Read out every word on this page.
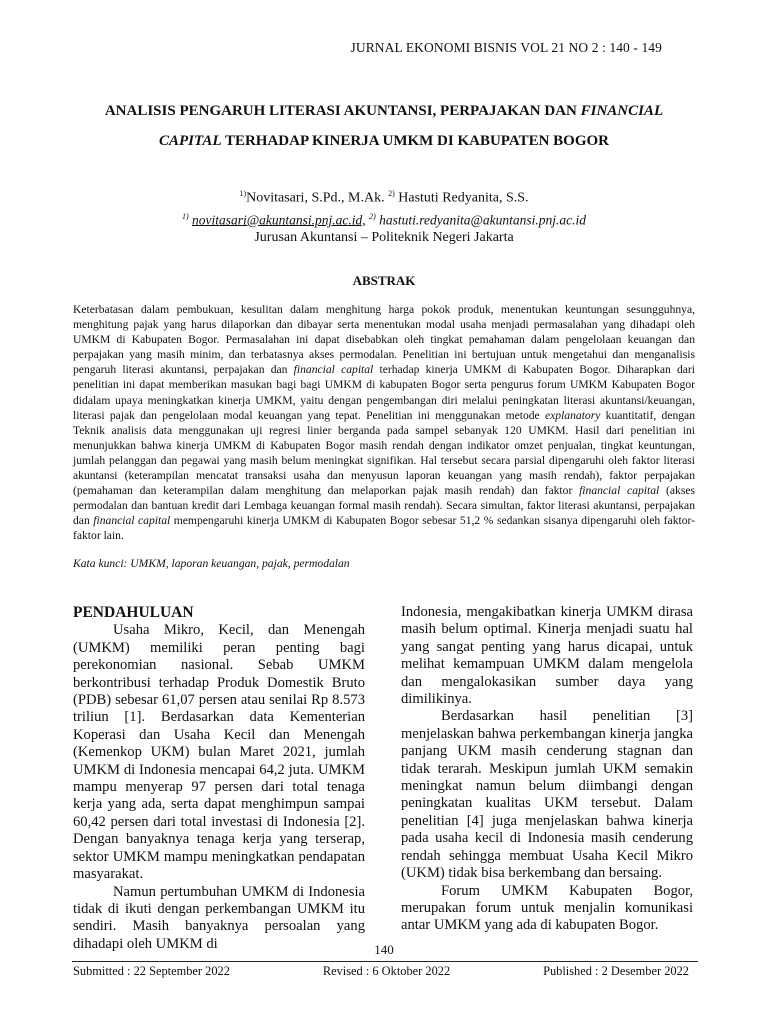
JURNAL EKONOMI BISNIS VOL 21 NO 2 : 140 - 149
ANALISIS PENGARUH LITERASI AKUNTANSI, PERPAJAKAN DAN FINANCIAL
CAPITAL TERHADAP KINERJA UMKM DI KABUPATEN BOGOR
$^{1)}$Novitasari, S.Pd., M.Ak. $^{2)}$ Hastuti Redyanita, S.S.
$^{1)}$ novitasari@akuntansi.pnj.ac.id, $^{2)}$ hastuti.redyanita@akuntansi.pnj.ac.id
Jurusan Akuntansi – Politeknik Negeri Jakarta
ABSTRAK
Keterbatasan dalam pembukuan, kesulitan dalam menghitung harga pokok produk, menentukan keuntungan sesungguhnya, menghitung pajak yang harus dilaporkan dan dibayar serta menentukan modal usaha menjadi permasalahan yang dihadapi oleh UMKM di Kabupaten Bogor. Permasalahan ini dapat disebabkan oleh tingkat pemahaman dalam pengelolaan keuangan dan perpajakan yang masih minim, dan terbatasnya akses permodalan. Penelitian ini bertujuan untuk mengetahui dan menganalisis pengaruh literasi akuntansi, perpajakan dan financial capital terhadap kinerja UMKM di Kabupaten Bogor. Diharapkan dari penelitian ini dapat memberikan masukan bagi bagi UMKM di kabupaten Bogor serta pengurus forum UMKM Kabupaten Bogor didalam upaya meningkatkan kinerja UMKM, yaitu dengan pengembangan diri melalui peningkatan literasi akuntansi/keuangan, literasi pajak dan pengelolaan modal keuangan yang tepat. Penelitian ini menggunakan metode explanatory kuantitatif, dengan Teknik analisis data menggunakan uji regresi linier berganda pada sampel sebanyak 120 UMKM. Hasil dari penelitian ini menunjukkan bahwa kinerja UMKM di Kabupaten Bogor masih rendah dengan indikator omzet penjualan, tingkat keuntungan, jumlah pelanggan dan pegawai yang masih belum meningkat signifikan. Hal tersebut secara parsial dipengaruhi oleh faktor literasi akuntansi (keterampilan mencatat transaksi usaha dan menyusun laporan keuangan yang masih rendah), faktor perpajakan (pemahaman dan keterampilan dalam menghitung dan melaporkan pajak masih rendah) dan faktor financial capital (akses permodalan dan bantuan kredit dari Lembaga keuangan formal masih rendah). Secara simultan, faktor literasi akuntansi, perpajakan dan financial capital mempengaruhi kinerja UMKM di Kabupaten Bogor sebesar 51,2 % sedankan sisanya dipengaruhi oleh faktor-faktor lain.
Kata kunci: UMKM, laporan keuangan, pajak, permodalan
PENDAHULUAN

Usaha Mikro, Kecil, dan Menengah (UMKM) memiliki peran penting bagi perekonomian nasional. Sebab UMKM berkontribusi terhadap Produk Domestik Bruto (PDB) sebesar 61,07 persen atau senilai Rp 8.573 triliun [1]. Berdasarkan data Kementerian Koperasi dan Usaha Kecil dan Menengah (Kemenkop UKM) bulan Maret 2021, jumlah UMKM di Indonesia mencapai 64,2 juta. UMKM mampu menyerap 97 persen dari total tenaga kerja yang ada, serta dapat menghimpun sampai 60,42 persen dari total investasi di Indonesia [2]. Dengan banyaknya tenaga kerja yang terserap, sektor UMKM mampu meningkatkan pendapatan masyarakat.

Namun pertumbuhan UMKM di Indonesia tidak di ikuti dengan perkembangan UMKM itu sendiri. Masih banyaknya persoalan yang dihadapi oleh UMKM di

Indonesia, mengakibatkan kinerja UMKM dirasa masih belum optimal. Kinerja menjadi suatu hal yang sangat penting yang harus dicapai, untuk melihat kemampuan UMKM dalam mengelola dan mengalokasikan sumber daya yang dimilikinya.

Berdasarkan hasil penelitian [3] menjelaskan bahwa perkembangan kinerja jangka panjang UKM masih cenderung stagnan dan tidak terarah. Meskipun jumlah UKM semakin meningkat namun belum diimbangi dengan peningkatan kualitas UKM tersebut. Dalam penelitian [4] juga menjelaskan bahwa kinerja pada usaha kecil di Indonesia masih cenderung rendah sehingga membuat Usaha Kecil Mikro (UKM) tidak bisa berkembang dan bersaing.

Forum UMKM Kabupaten Bogor, merupakan forum untuk menjalin komunikasi antar UMKM yang ada di kabupaten Bogor.

140
Submitted : 22 September 2022	Revised : 6 Oktober 2022	Published : 2 Desember 2022
